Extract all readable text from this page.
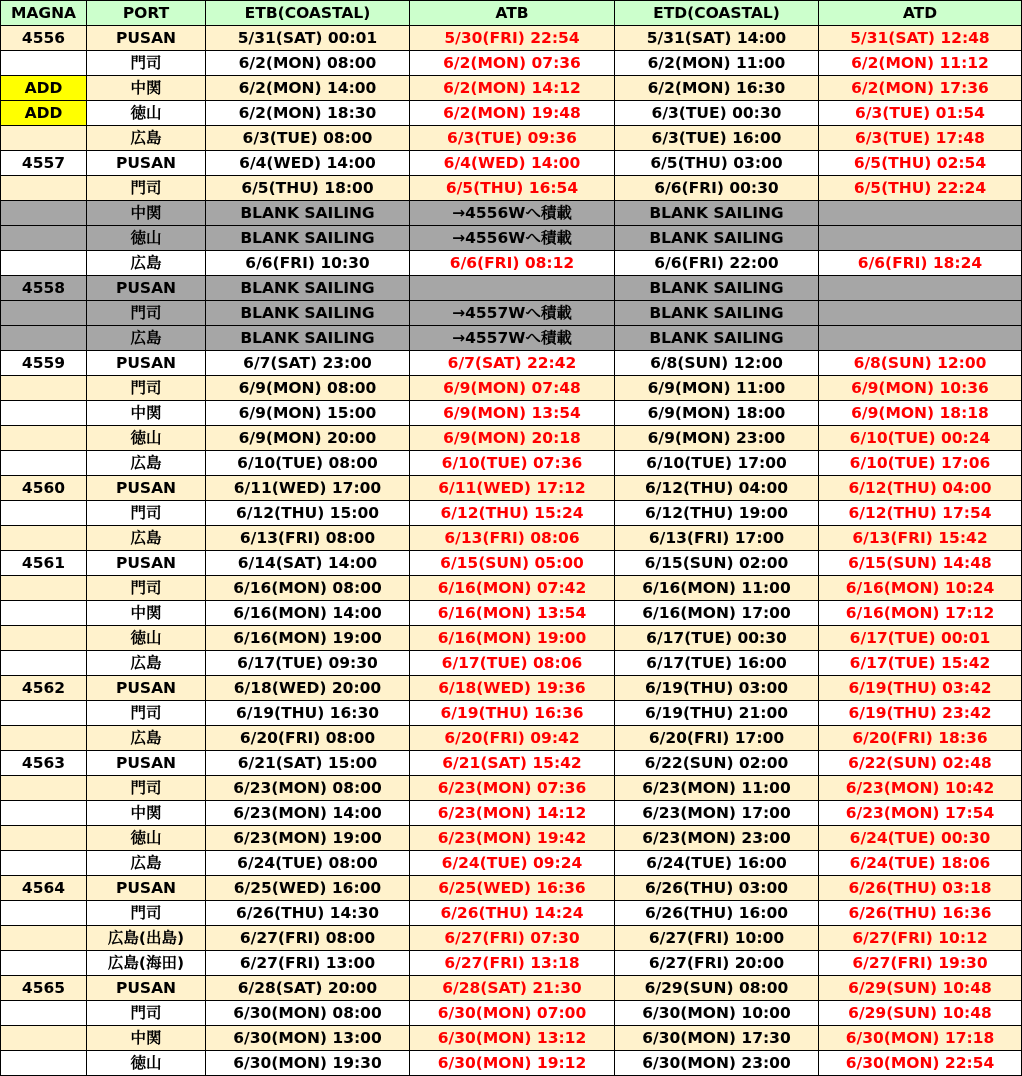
MAGNA	PORT	ETB(COASTAL)	ATB	ETD(COASTAL)	ATD
4556	PUSAN	5/31(SAT) 00:01	5/30(FRI) 22:54	5/31(SAT) 14:00	5/31(SAT) 12:48
	門司	6/2(MON) 08:00	6/2(MON) 07:36	6/2(MON) 11:00	6/2(MON) 11:12
ADD	中関	6/2(MON) 14:00	6/2(MON) 14:12	6/2(MON) 16:30	6/2(MON) 17:36
ADD	徳山	6/2(MON) 18:30	6/2(MON) 19:48	6/3(TUE) 00:30	6/3(TUE) 01:54
	広島	6/3(TUE) 08:00	6/3(TUE) 09:36	6/3(TUE) 16:00	6/3(TUE) 17:48
4557	PUSAN	6/4(WED) 14:00	6/4(WED) 14:00	6/5(THU) 03:00	6/5(THU) 02:54
	門司	6/5(THU) 18:00	6/5(THU) 16:54	6/6(FRI) 00:30	6/5(THU) 22:24
	中関	BLANK SAILING	→4556Wへ積載	BLANK SAILING	
	徳山	BLANK SAILING	→4556Wへ積載	BLANK SAILING	
	広島	6/6(FRI) 10:30	6/6(FRI) 08:12	6/6(FRI) 22:00	6/6(FRI) 18:24
4558	PUSAN	BLANK SAILING		BLANK SAILING	
	門司	BLANK SAILING	→4557Wへ積載	BLANK SAILING	
	広島	BLANK SAILING	→4557Wへ積載	BLANK SAILING	
4559	PUSAN	6/7(SAT) 23:00	6/7(SAT) 22:42	6/8(SUN) 12:00	6/8(SUN) 12:00
	門司	6/9(MON) 08:00	6/9(MON) 07:48	6/9(MON) 11:00	6/9(MON) 10:36
	中関	6/9(MON) 15:00	6/9(MON) 13:54	6/9(MON) 18:00	6/9(MON) 18:18
	徳山	6/9(MON) 20:00	6/9(MON) 20:18	6/9(MON) 23:00	6/10(TUE) 00:24
	広島	6/10(TUE) 08:00	6/10(TUE) 07:36	6/10(TUE) 17:00	6/10(TUE) 17:06
4560	PUSAN	6/11(WED) 17:00	6/11(WED) 17:12	6/12(THU) 04:00	6/12(THU) 04:00
	門司	6/12(THU) 15:00	6/12(THU) 15:24	6/12(THU) 19:00	6/12(THU) 17:54
	広島	6/13(FRI) 08:00	6/13(FRI) 08:06	6/13(FRI) 17:00	6/13(FRI) 15:42
4561	PUSAN	6/14(SAT) 14:00	6/15(SUN) 05:00	6/15(SUN) 02:00	6/15(SUN) 14:48
	門司	6/16(MON) 08:00	6/16(MON) 07:42	6/16(MON) 11:00	6/16(MON) 10:24
	中関	6/16(MON) 14:00	6/16(MON) 13:54	6/16(MON) 17:00	6/16(MON) 17:12
	徳山	6/16(MON) 19:00	6/16(MON) 19:00	6/17(TUE) 00:30	6/17(TUE) 00:01
	広島	6/17(TUE) 09:30	6/17(TUE) 08:06	6/17(TUE) 16:00	6/17(TUE) 15:42
4562	PUSAN	6/18(WED) 20:00	6/18(WED) 19:36	6/19(THU) 03:00	6/19(THU) 03:42
	門司	6/19(THU) 16:30	6/19(THU) 16:36	6/19(THU) 21:00	6/19(THU) 23:42
	広島	6/20(FRI) 08:00	6/20(FRI) 09:42	6/20(FRI) 17:00	6/20(FRI) 18:36
4563	PUSAN	6/21(SAT) 15:00	6/21(SAT) 15:42	6/22(SUN) 02:00	6/22(SUN) 02:48
	門司	6/23(MON) 08:00	6/23(MON) 07:36	6/23(MON) 11:00	6/23(MON) 10:42
	中関	6/23(MON) 14:00	6/23(MON) 14:12	6/23(MON) 17:00	6/23(MON) 17:54
	徳山	6/23(MON) 19:00	6/23(MON) 19:42	6/23(MON) 23:00	6/24(TUE) 00:30
	広島	6/24(TUE) 08:00	6/24(TUE) 09:24	6/24(TUE) 16:00	6/24(TUE) 18:06
4564	PUSAN	6/25(WED) 16:00	6/25(WED) 16:36	6/26(THU) 03:00	6/26(THU) 03:18
	門司	6/26(THU) 14:30	6/26(THU) 14:24	6/26(THU) 16:00	6/26(THU) 16:36
	広島(出島)	6/27(FRI) 08:00	6/27(FRI) 07:30	6/27(FRI) 10:00	6/27(FRI) 10:12
	広島(海田)	6/27(FRI) 13:00	6/27(FRI) 13:18	6/27(FRI) 20:00	6/27(FRI) 19:30
4565	PUSAN	6/28(SAT) 20:00	6/28(SAT) 21:30	6/29(SUN) 08:00	6/29(SUN) 10:48
	門司	6/30(MON) 08:00	6/30(MON) 07:00	6/30(MON) 10:00	6/29(SUN) 10:48
	中関	6/30(MON) 13:00	6/30(MON) 13:12	6/30(MON) 17:30	6/30(MON) 17:18
	徳山	6/30(MON) 19:30	6/30(MON) 19:12	6/30(MON) 23:00	6/30(MON) 22:54
